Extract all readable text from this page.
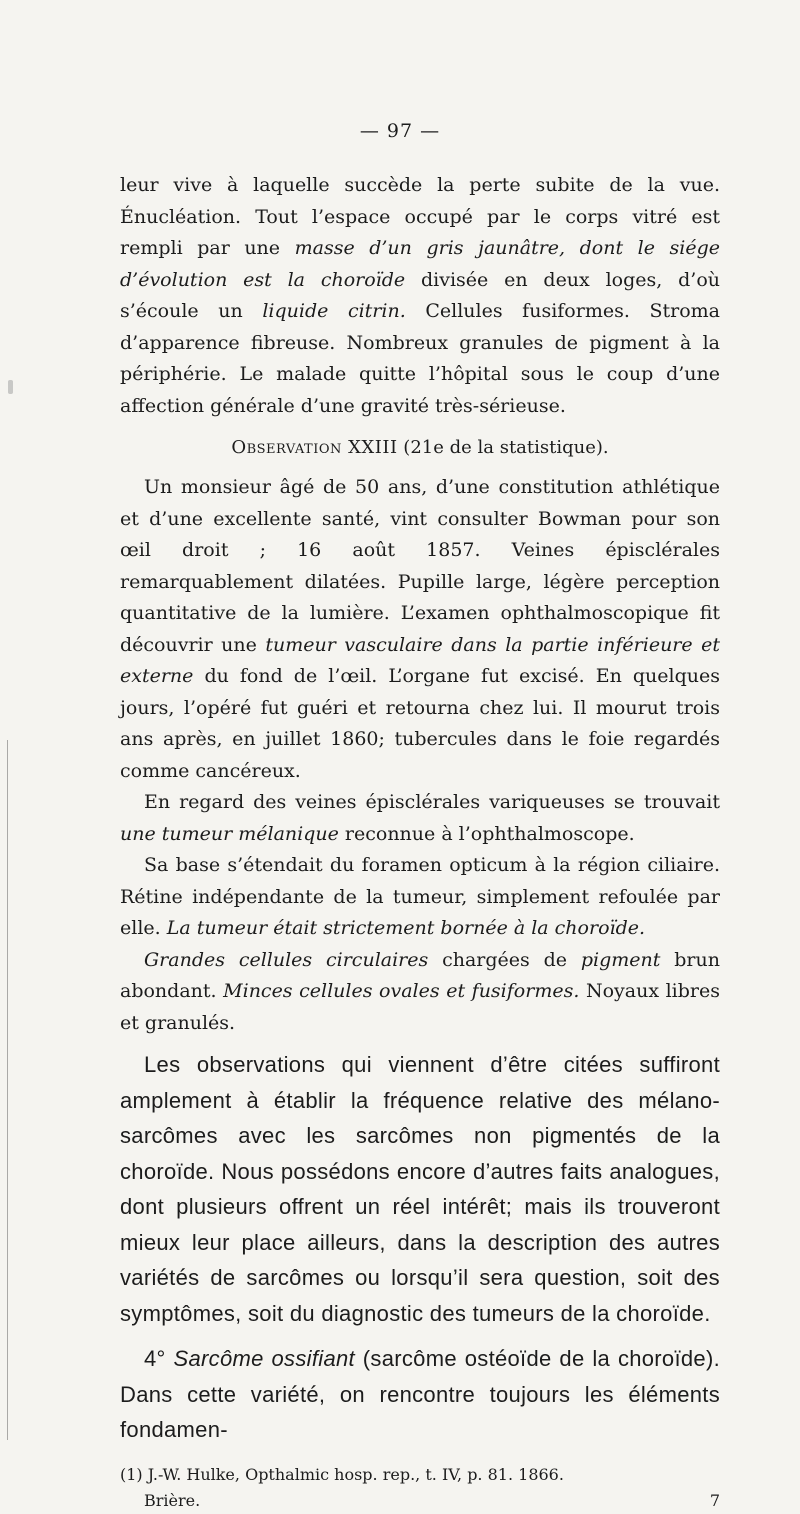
— 97 —

leur vive à laquelle succède la perte subite de la vue. Énucléation. Tout l’espace occupé par le corps vitré est rempli par une masse d’un gris jaunâtre, dont le siége d’évolution est la choroïde divisée en deux loges, d’où s’écoule un liquide citrin. Cellules fusiformes. Stroma d’apparence fibreuse. Nombreux granules de pigment à la périphérie. Le malade quitte l’hôpital sous le coup d’une affection générale d’une gravité très-sérieuse.

Observation XXIII (21e de la statistique).

Un monsieur âgé de 50 ans, d’une constitution athlétique et d’une excellente santé, vint consulter Bowman pour son œil droit ; 16 août 1857. Veines épisclérales remarquablement dilatées. Pupille large, légère perception quantitative de la lumière. L’examen ophthalmoscopique fit découvrir une tumeur vasculaire dans la partie inférieure et externe du fond de l’œil. L’organe fut excisé. En quelques jours, l’opéré fut guéri et retourna chez lui. Il mourut trois ans après, en juillet 1860; tubercules dans le foie regardés comme cancéreux.

En regard des veines épisclérales variqueuses se trouvait une tumeur mélanique reconnue à l’ophthalmoscope.

Sa base s’étendait du foramen opticum à la région ciliaire. Rétine indépendante de la tumeur, simplement refoulée par elle. La tumeur était strictement bornée à la choroïde.

Grandes cellules circulaires chargées de pigment brun abondant. Minces cellules ovales et fusiformes. Noyaux libres et granulés.

Les observations qui viennent d’être citées suffiront amplement à établir la fréquence relative des mélano-sarcômes avec les sarcômes non pigmentés de la choroïde. Nous possédons encore d’autres faits analogues, dont plusieurs offrent un réel intérêt; mais ils trouveront mieux leur place ailleurs, dans la description des autres variétés de sarcômes ou lorsqu’il sera question, soit des symptômes, soit du diagnostic des tumeurs de la choroïde.

4° Sarcôme ossifiant (sarcôme ostéoïde de la choroïde). Dans cette variété, on rencontre toujours les éléments fondamen-

(1) J.-W. Hulke, Opthalmic hosp. rep., t. IV, p. 81. 1866.
Brière.	7
